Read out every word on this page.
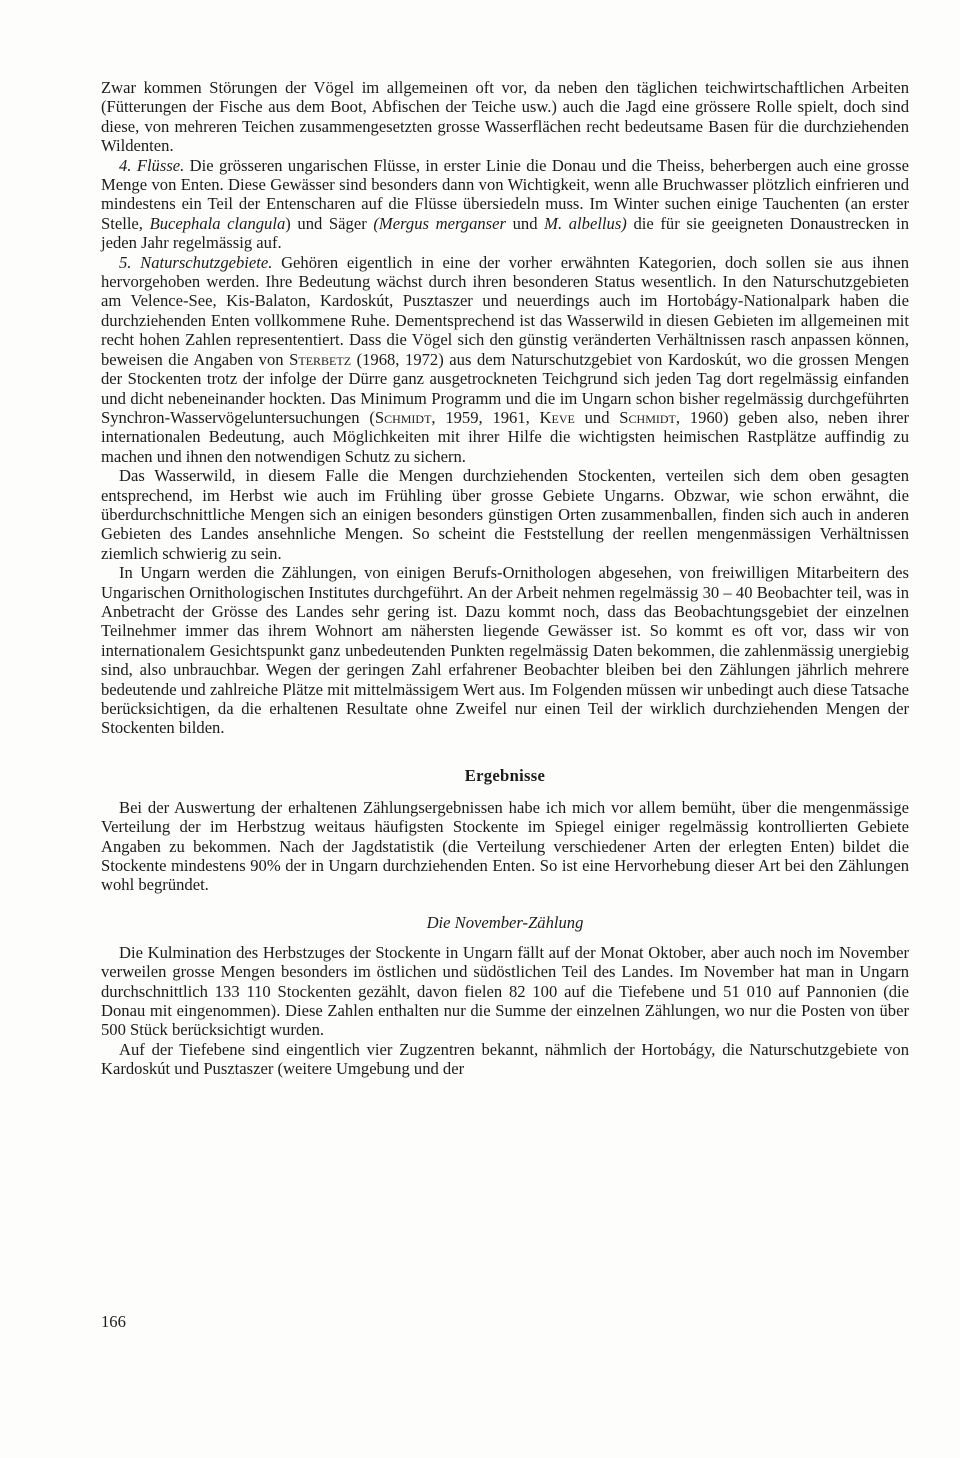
Zwar kommen Störungen der Vögel im allgemeinen oft vor, da neben den täglichen teichwirtschaftlichen Arbeiten (Fütterungen der Fische aus dem Boot, Abfischen der Teiche usw.) auch die Jagd eine grössere Rolle spielt, doch sind diese, von mehreren Teichen zusammengesetzten grosse Wasserflächen recht bedeutsame Basen für die durchziehenden Wildenten.

4. Flüsse. Die grösseren ungarischen Flüsse, in erster Linie die Donau und die Theiss, beherbergen auch eine grosse Menge von Enten. Diese Gewässer sind besonders dann von Wichtigkeit, wenn alle Bruchwasser plötzlich einfrieren und mindestens ein Teil der Entenscharen auf die Flüsse übersiedeln muss. Im Winter suchen einige Tauchenten (an erster Stelle, Bucephala clangula) und Säger (Mergus merganser und M. albellus) die für sie geeigneten Donaustrecken in jeden Jahr regelmässig auf.

5. Naturschutzgebiete. Gehören eigentlich in eine der vorher erwähnten Kategorien, doch sollen sie aus ihnen hervorgehoben werden. Ihre Bedeutung wächst durch ihren besonderen Status wesentlich. In den Naturschutzgebieten am Velence-See, Kis-Balaton, Kardoskút, Pusztaszer und neuerdings auch im Hortobágy-Nationalpark haben die durchziehenden Enten vollkommene Ruhe. Dementsprechend ist das Wasserwild in diesen Gebieten im allgemeinen mit recht hohen Zahlen represententiert. Dass die Vögel sich den günstig veränderten Verhältnissen rasch anpassen können, beweisen die Angaben von Sterbetz (1968, 1972) aus dem Naturschutzgebiet von Kardoskút, wo die grossen Mengen der Stockenten trotz der infolge der Dürre ganz ausgetrockneten Teichgrund sich jeden Tag dort regelmässig einfanden und dicht nebeneinander hockten. Das Minimum Programm und die im Ungarn schon bisher regelmässig durchgeführten Synchron-Wasservögeluntersuchungen (Schmidt, 1959, 1961, Keve und Schmidt, 1960) geben also, neben ihrer internationalen Bedeutung, auch Möglichkeiten mit ihrer Hilfe die wichtigsten heimischen Rastplätze auffindig zu machen und ihnen den notwendigen Schutz zu sichern.

Das Wasserwild, in diesem Falle die Mengen durchziehenden Stockenten, verteilen sich dem oben gesagten entsprechend, im Herbst wie auch im Frühling über grosse Gebiete Ungarns. Obzwar, wie schon erwähnt, die überdurchschnittliche Mengen sich an einigen besonders günstigen Orten zusammenballen, finden sich auch in anderen Gebieten des Landes ansehnliche Mengen. So scheint die Feststellung der reellen mengenmässigen Verhältnissen ziemlich schwierig zu sein.

In Ungarn werden die Zählungen, von einigen Berufs-Ornithologen abgesehen, von freiwilligen Mitarbeitern des Ungarischen Ornithologischen Institutes durchgeführt. An der Arbeit nehmen regelmässig 30 – 40 Beobachter teil, was in Anbetracht der Grösse des Landes sehr gering ist. Dazu kommt noch, dass das Beobachtungsgebiet der einzelnen Teilnehmer immer das ihrem Wohnort am nähersten liegende Gewässer ist. So kommt es oft vor, dass wir von internationalem Gesichtspunkt ganz unbedeutenden Punkten regelmässig Daten bekommen, die zahlenmässig unergiebig sind, also unbrauchbar. Wegen der geringen Zahl erfahrener Beobachter bleiben bei den Zählungen jährlich mehrere bedeutende und zahlreiche Plätze mit mittelmässigem Wert aus. Im Folgenden müssen wir unbedingt auch diese Tatsache berücksichtigen, da die erhaltenen Resultate ohne Zweifel nur einen Teil der wirklich durchziehenden Mengen der Stockenten bilden.

Ergebnisse

Bei der Auswertung der erhaltenen Zählungsergebnissen habe ich mich vor allem bemüht, über die mengenmässige Verteilung der im Herbstzug weitaus häufigsten Stockente im Spiegel einiger regelmässig kontrollierten Gebiete Angaben zu bekommen. Nach der Jagdstatistik (die Verteilung verschiedener Arten der erlegten Enten) bildet die Stockente mindestens 90% der in Ungarn durchziehenden Enten. So ist eine Hervorhebung dieser Art bei den Zählungen wohl begründet.

Die November-Zählung

Die Kulmination des Herbstzuges der Stockente in Ungarn fällt auf der Monat Oktober, aber auch noch im November verweilen grosse Mengen besonders im östlichen und südöstlichen Teil des Landes. Im November hat man in Ungarn durchschnittlich 133 110 Stockenten gezählt, davon fielen 82 100 auf die Tiefebene und 51 010 auf Pannonien (die Donau mit eingenommen). Diese Zahlen enthalten nur die Summe der einzelnen Zählungen, wo nur die Posten von über 500 Stück berücksichtigt wurden.

Auf der Tiefebene sind eingentlich vier Zugzentren bekannt, nähmlich der Hortobágy, die Naturschutzgebiete von Kardoskút und Pusztaszer (weitere Umgebung und der

166
